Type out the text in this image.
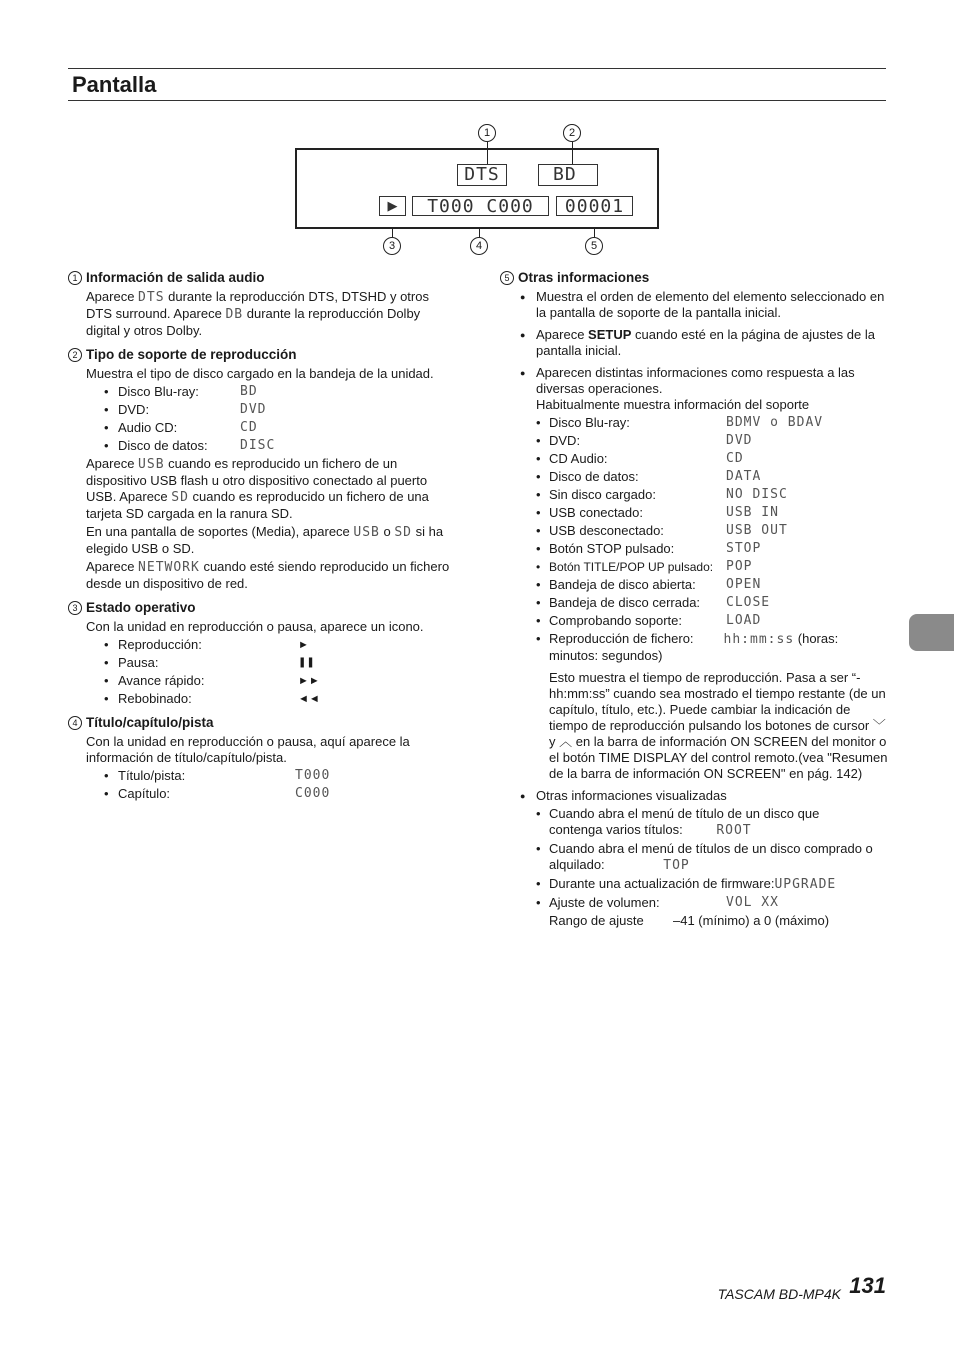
Pantalla
1	2
DTS	BD
▶	T000 C000	00001
3	4	5
1 Información de salida audio

Aparece DTS durante la reproducción DTS, DTSHD y otros DTS surround. Aparece DB durante la reproducción Dolby digital y otros Dolby.

2 Tipo de soporte de reproducción

Muestra el tipo de disco cargado en la bandeja de la unidad.

• Disco Blu-ray:	BD
• DVD:	DVD
• Audio CD:	CD
• Disco de datos: DISC

Aparece USB cuando es reproducido un fichero de un dispositivo USB flash u otro dispositivo conectado al puerto USB. Aparece SD cuando es reproducido un fichero de una tarjeta SD cargada en la ranura SD.

En una pantalla de soportes (Media), aparece USB o SD si ha elegido USB o SD.

Aparece NETWORK cuando esté siendo reproducido un fichero desde un dispositivo de red.

3 Estado operativo

Con la unidad en reproducción o pausa, aparece un icono.

• Reproducción:	►
• Pausa:	❚❚
• Avance rápido:	►►
• Rebobinado:	◄◄
4 Título/capítulo/pista

Con la unidad en reproducción o pausa, aquí aparece la información de título/capítulo/pista.

• Título/pista:	T000
• Capítulo:	C000
5 Otras informaciones
● Muestra el orden de elemento del elemento seleccionado en la pantalla de soporte de la pantalla inicial.
● Aparece SETUP cuando esté en la página de ajustes de la pantalla inicial.
● Aparecen distintas informaciones como respuesta a las diversas operaciones.
Habitualmente muestra información del soporte
• Disco Blu-ray:	BDMV o BDAV
• DVD:	DVD
• CD Audio:	CD
• Disco de datos:	DATA
• Sin disco cargado:	NO DISC
• USB conectado:	USB IN
• USB desconectado:	USB OUT
• Botón STOP pulsado:	STOP
• Botón TITLE/POP UP pulsado: POP
• Bandeja de disco abierta: OPEN
• Bandeja de disco cerrada: CLOSE
• Comprobando soporte:	LOAD
• Reproducción de fichero: hh:mm:ss (horas: minutos: segundos)

Esto muestra el tiempo de reproducción. Pasa a ser “-hh:mm:ss” cuando sea mostrado el tiempo restante (de un capítulo, título, etc.). Puede cambiar la indicación de tiempo de reproducción pulsando los botones de cursor ﹀ y ︿ en la barra de información ON SCREEN del monitor o el botón TIME DISPLAY del control remoto.(vea "Resumen de la barra de información ON SCREEN" en pág. 142)

● Otras informaciones visualizadas
• Cuando abra el menú de título de un disco que contenga varios títulos:	ROOT
• Cuando abra el menú de títulos de un disco comprado o alquilado:	TOP
• Durante una actualización de firmware:UPGRADE
• Ajuste de volumen:	VOL XX
Rango de ajuste –41 (mínimo) a 0 (máximo)
TASCAM BD-MP4K 131
